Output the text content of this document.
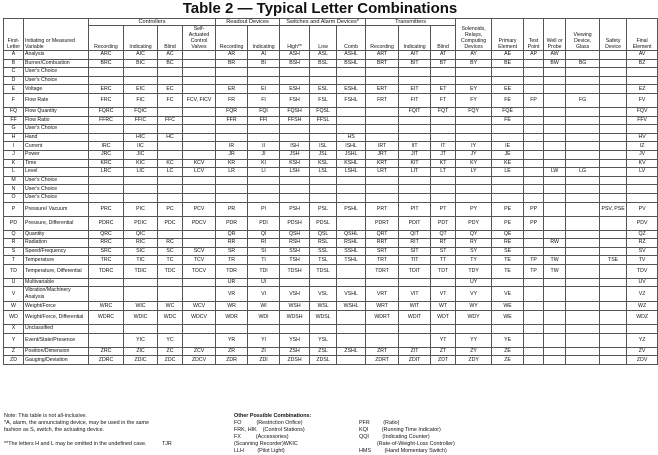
Table 2 — Typical Letter Combinations
First-Letter	Initiating or Measured Variable	Controllers				Readout Devices		Switches and Alarm Devices*			Transmitters			Solenoids, Relays, Computing Devices	Primary Element	Test Point	Well or Probe	Viewing Device, Glass	Safety Device	Final Element
		Recording	Indicating	Blind	Self-Actuated Control Valves	Recording	Indicating	High**	Low	Comb	Recording	Indicating	Blind							
A	Analysis	ARC	AIC	AC		AR	AI	ASH	ASL	ASHL	ART	AIT	AT	AY	AE	AP	AW			AV
B	Burner/Combustion	BRC	BIC	BC		BR	BI	BSH	BSL	BSHL	BRT	BIT	BT	BY	BE		BW	BG		BZ
C	User's Choice																			
D	User's Choice																			
E	Voltage	ERC	EIC	EC		ER	EI	ESH	ESL	ESHL	ERT	EIT	ET	EY	EE					EZ
F	Flow Rate	FRC	FIC	FC	FCV, FICV	FR	FI	FSH	FSL	FSHL	FRT	FIT	FT	FY	FE	FP		FG		FV
FQ	Flow Quantity	FQRC	FQIC			FQR	FQI	FQSH	FQSL			FQIT	FQT	FQY	FQE					FQV
FF	Flow Ratio	FFRC	FFIC	FFC		FFR	FFI	FFSH	FFSL						FE					FFV
G	User's Choice																			
H	Hand		HIC	HC						HS										HV
I	Current	IRC	IIC			IR	II	ISH	ISL	ISHL	IRT	IIT	IT	IY	IE					IZ
J	Power	JRC	JIC			JR	JI	JSH	JSL	JSHL	JRT	JIT	JT	JY	JE					JV
K	Time	KRC	KIC	KC	KCV	KR	KI	KSH	KSL	KSHL	KRT	KIT	KT	KY	KE					KV
L	Level	LRC	LIC	LC	LCV	LR	LI	LSH	LSL	LSHL	LRT	LIT	LT	LY	LE		LW	LG		LV
M	User's Choice																			
N	User's Choice																			
O	User's Choice																			
P	Pressure/ Vacuum	PRC	PIC	PC	PCV	PR	PI	PSH	PSL	PSHL	PRT	PIT	PT	PY	PE	PP			PSV, PSE	PV
PD	Pressure, Differential	PDRC	PDIC	PDC	PDCV	PDR	PDI	PDSH	PDSL		PDRT	PDIT	PDT	PDY	PE	PP				PDV
Q	Quantity	QRC	QIC			QR	QI	QSH	QSL	QSHL	QRT	QIT	QT	QY	QE					QZ
R	Radiation	RRC	RIC	RC		RR	RI	RSH	RSL	RSHL	RRT	RIT	RT	RY	RE		RW			RZ
S	Speed/Frequency	SRC	SIC	SC	SCV	SR	SI	SSH	SSL	SSHL	SRT	SIT	ST	SY	SE					SV
T	Temperature	TRC	TIC	TC	TCV	TR	TI	TSH	TSL	TSHL	TRT	TIT	TT	TY	TE	TP	TW		TSE	TV
TD	Temperature, Differential	TDRC	TDIC	TDC	TDCV	TDR	TDI	TDSH	TDSL		TDRT	TDIT	TDT	TDY	TE	TP	TW			TDV
U	Multivariable					UR	UI							UY						UV
V	Vibration/Machinery Analysis					VR	VI	VSH	VSL	VSHL	VRT	VIT	VT	VY	VE					VZ
W	Weight/Force	WRC	WIC	WC	WCV	WR	WI	WSH	WSL	WSHL	WRT	WIT	WT	WY	WE					WZ
WD	Weight/Force, Differential	WDRC	WDIC	WDC	WDCV	WDR	WDI	WDSH	WDSL		WDRT	WDIT	WDT	WDY	WE					WDZ
X	Unclassified																			
Y	Event/State/Presence		YIC	YC		YR	YI	YSH	YSL				YT	YY	YE					YZ
Z	Position/Dimension	ZRC	ZIC	ZC	ZCV	ZR	ZI	ZSH	ZSL	ZSHL	ZRT	ZIT	ZT	ZY	ZE					ZV
ZD	Gauging/Deviation	ZDRC	ZDIC	ZDC	ZDCV	ZDR	ZDI	ZDSH	ZDSL		ZDRT	ZDIT	ZDT	ZDY	ZE					ZDV
Note: This table is not all-inclusive.
*A, alarm, the annunciating device, may be used in the same
fashion as S, switch, the actuating device.
**The letters H and L may be omitted in the undefined case.	TJR
Other Possible Combinations:
FO          (Restriction Orifice)
FRK, HIK    (Control Stations)
FX          (Accessories)
(Scanning Recorder)WKIC
LLH         (Pilot Light)
PFR         (Ratio)
KQI         (Running Time Indicator)
QQI         (Indicating Counter)
(Rate-of-Weight-Loss Controller)
HMS         (Hand Momentary Switch)
